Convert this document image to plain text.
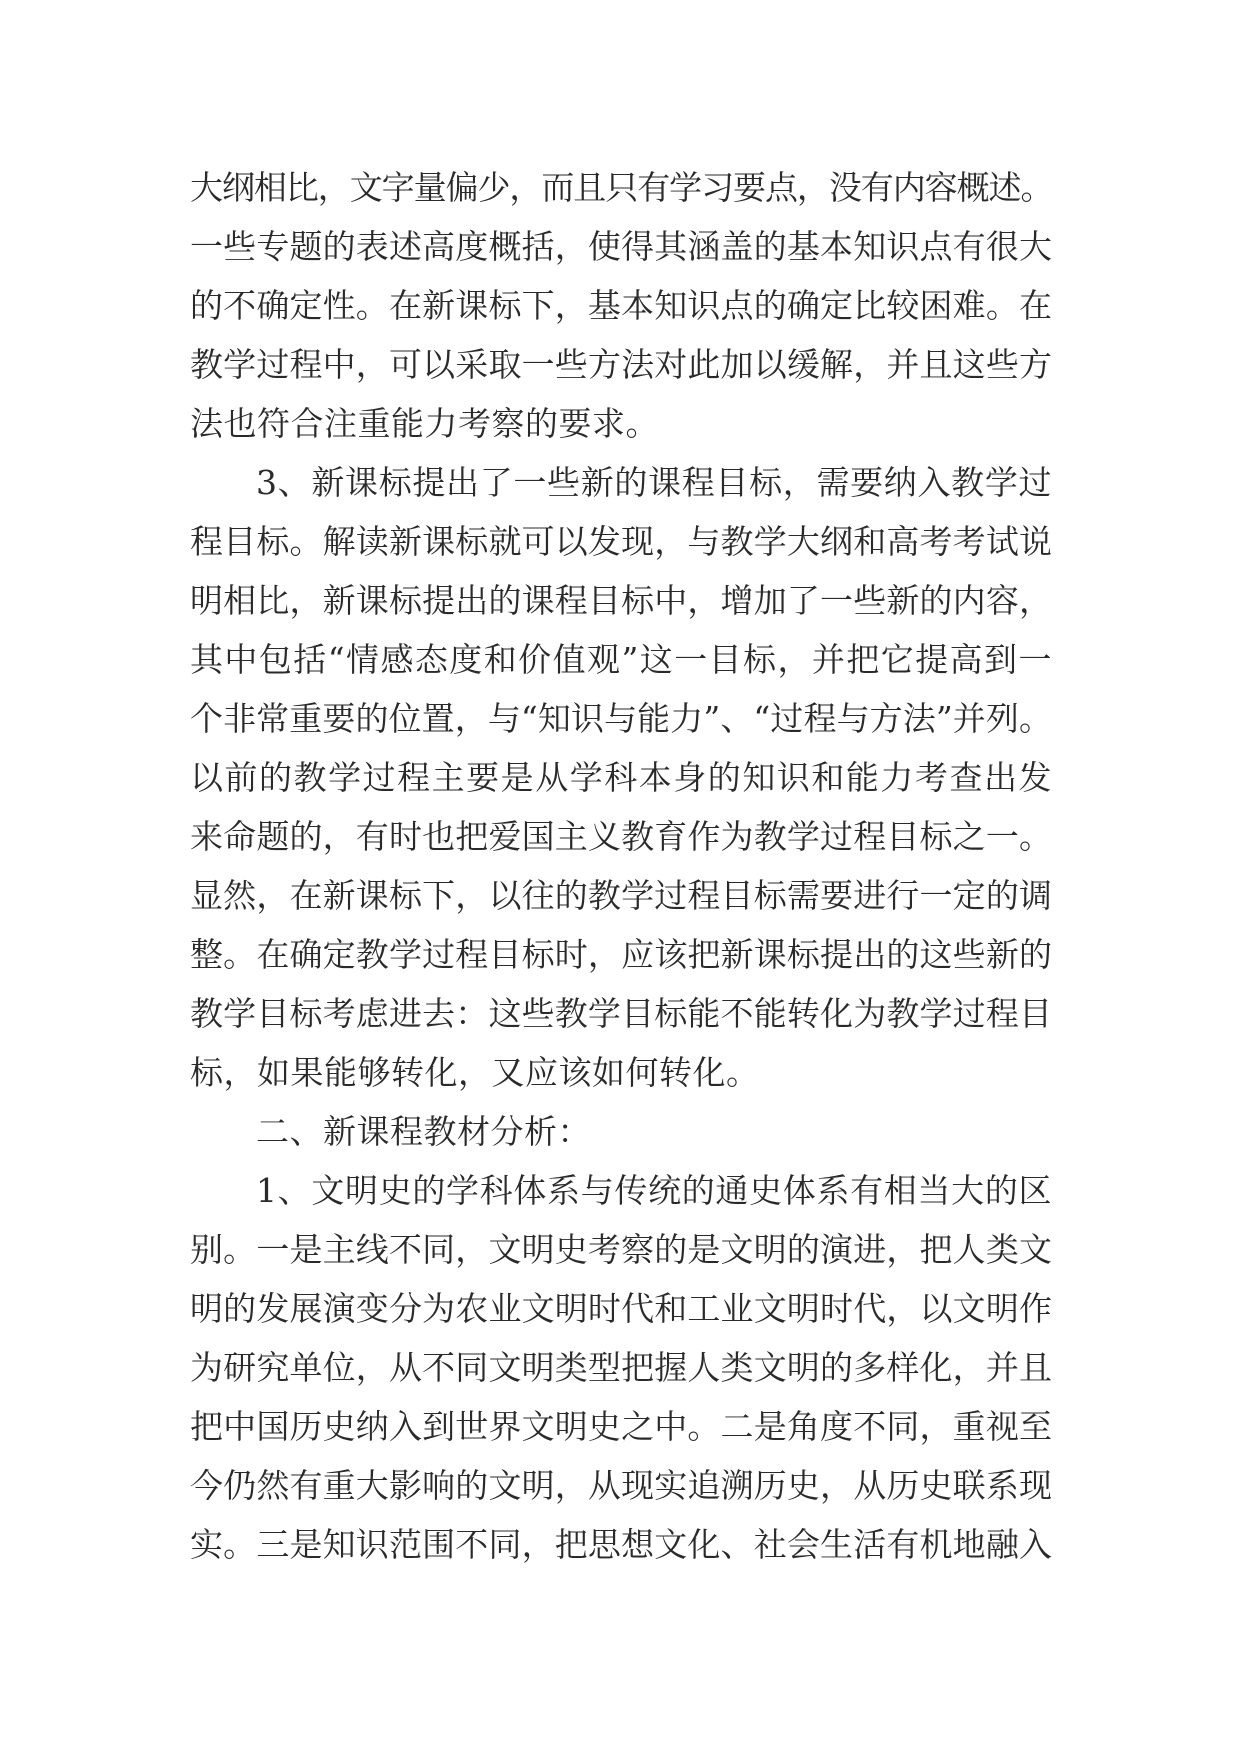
大纲相比，文字量偏少，而且只有学习要点，没有内容概述。
一些专题的表述高度概括，使得其涵盖的基本知识点有很大
的不确定性。在新课标下，基本知识点的确定比较困难。在
教学过程中，可以采取一些方法对此加以缓解，并且这些方
法也符合注重能力考察的要求。
3、新课标提出了一些新的课程目标，需要纳入教学过
程目标。解读新课标就可以发现，与教学大纲和高考考试说
明相比，新课标提出的课程目标中，增加了一些新的内容，
其中包括“情感态度和价值观”这一目标，并把它提高到一
个非常重要的位置，与“知识与能力”、“过程与方法”并列。
以前的教学过程主要是从学科本身的知识和能力考查出发
来命题的，有时也把爱国主义教育作为教学过程目标之一。
显然，在新课标下，以往的教学过程目标需要进行一定的调
整。在确定教学过程目标时，应该把新课标提出的这些新的
教学目标考虑进去：这些教学目标能不能转化为教学过程目
标，如果能够转化，又应该如何转化。
二、新课程教材分析：
1、文明史的学科体系与传统的通史体系有相当大的区
别。一是主线不同，文明史考察的是文明的演进，把人类文
明的发展演变分为农业文明时代和工业文明时代，以文明作
为研究单位，从不同文明类型把握人类文明的多样化，并且
把中国历史纳入到世界文明史之中。二是角度不同，重视至
今仍然有重大影响的文明，从现实追溯历史，从历史联系现
实。三是知识范围不同，把思想文化、社会生活有机地融入
